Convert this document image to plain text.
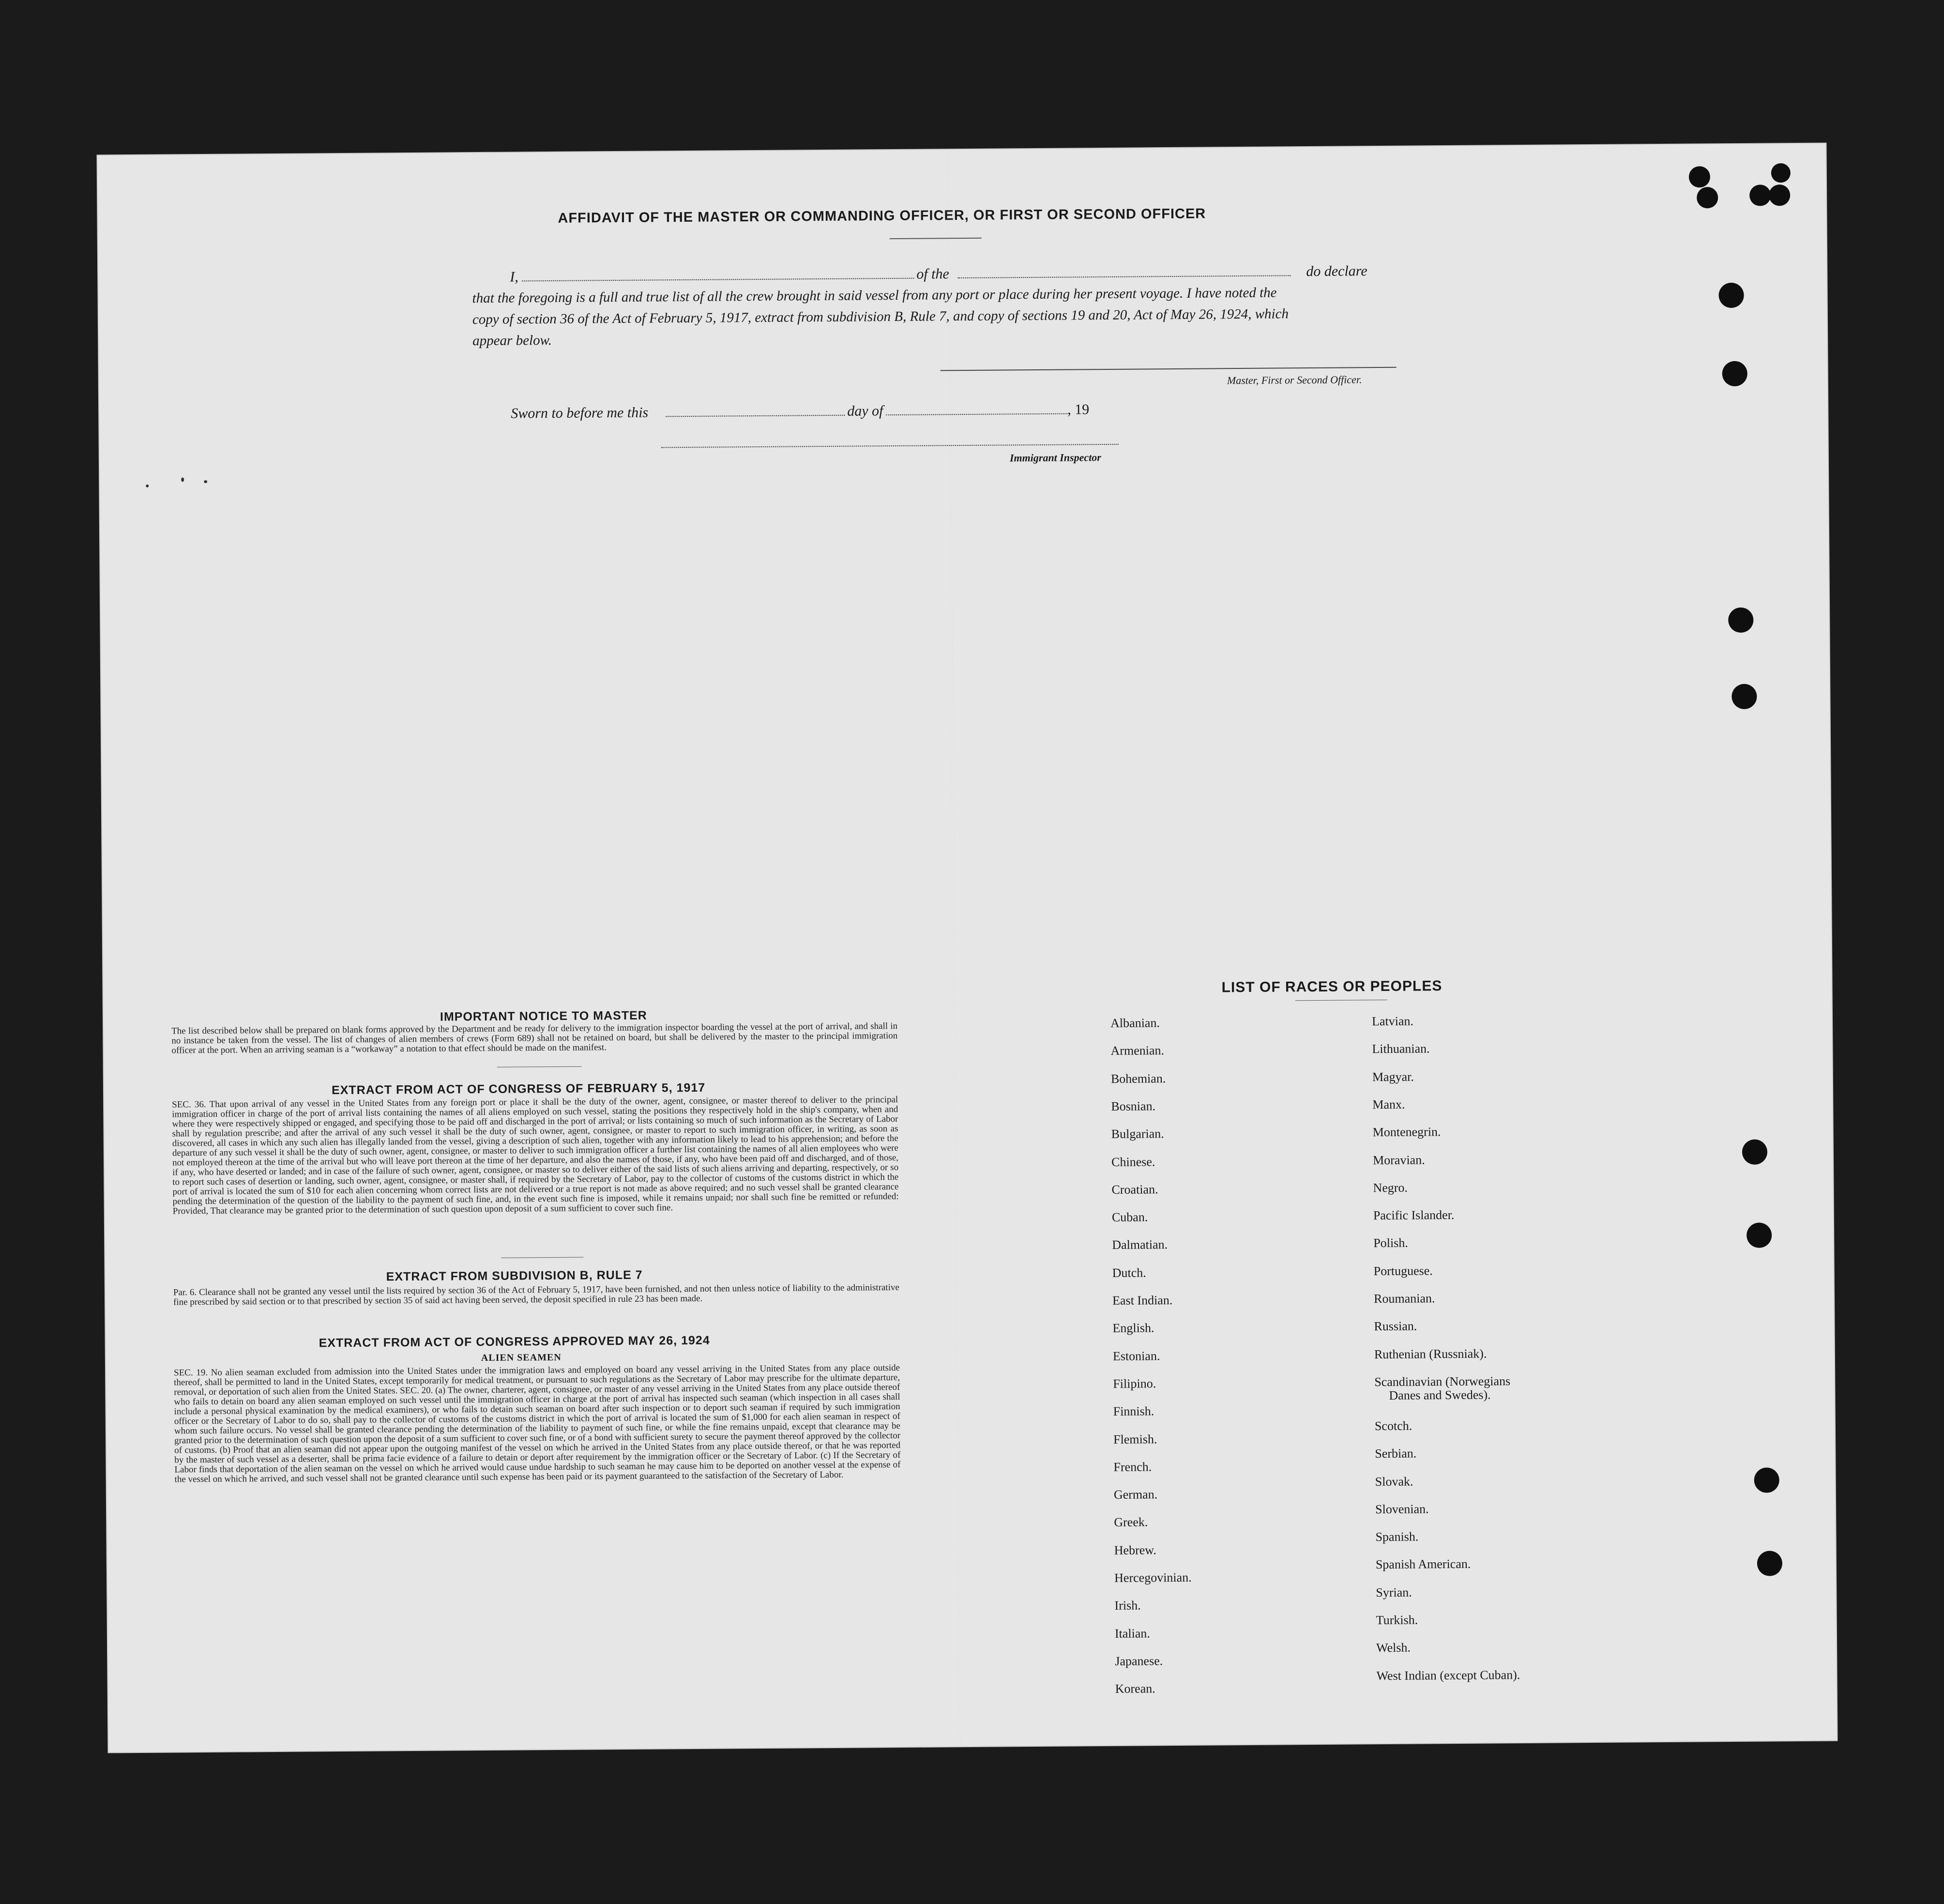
AFFIDAVIT OF THE MASTER OR COMMANDING OFFICER, OR FIRST OR SECOND OFFICER
I,	of the	do declare
that the foregoing is a full and true list of all the crew brought in said vessel from any port or place during her present voyage. I have noted the
copy of section 36 of the Act of February 5, 1917, extract from subdivision B, Rule 7, and copy of sections 19 and 20, Act of May 26, 1924, which
appear below.
Master, First or Second Officer.
Sworn to before me this	day of	, 19
Immigrant Inspector
IMPORTANT NOTICE TO MASTER
The list described below shall be prepared on blank forms approved by the Department and be ready for delivery to the immigration inspector boarding the vessel at the port of arrival, and shall in no instance be taken from the vessel. The list of changes of alien members of crews (Form 689) shall not be retained on board, but shall be delivered by the master to the principal immigration officer at the port. When an arriving seaman is a “workaway” a notation to that effect should be made on the manifest.
EXTRACT FROM ACT OF CONGRESS OF FEBRUARY 5, 1917
SEC. 36. That upon arrival of any vessel in the United States from any foreign port or place it shall be the duty of the owner, agent, consignee, or master thereof to deliver to the principal immigration officer in charge of the port of arrival lists containing the names of all aliens employed on such vessel, stating the positions they respectively hold in the ship's company, when and where they were respectively shipped or engaged, and specifying those to be paid off and discharged in the port of arrival; or lists containing so much of such information as the Secretary of Labor shall by regulation prescribe; and after the arrival of any such vessel it shall be the duty of such owner, agent, consignee, or master to report to such immigration officer, in writing, as soon as discovered, all cases in which any such alien has illegally landed from the vessel, giving a description of such alien, together with any information likely to lead to his apprehension; and before the departure of any such vessel it shall be the duty of such owner, agent, consignee, or master to deliver to such immigration officer a further list containing the names of all alien employees who were not employed thereon at the time of the arrival but who will leave port thereon at the time of her departure, and also the names of those, if any, who have been paid off and discharged, and of those, if any, who have deserted or landed; and in case of the failure of such owner, agent, consignee, or master so to deliver either of the said lists of such aliens arriving and departing, respectively, or so to report such cases of desertion or landing, such owner, agent, consignee, or master shall, if required by the Secretary of Labor, pay to the collector of customs of the customs district in which the port of arrival is located the sum of $10 for each alien concerning whom correct lists are not delivered or a true report is not made as above required; and no such vessel shall be granted clearance pending the determination of the question of the liability to the payment of such fine, and, in the event such fine is imposed, while it remains unpaid; nor shall such fine be remitted or refunded: Provided, That clearance may be granted prior to the determination of such question upon deposit of a sum sufficient to cover such fine.
EXTRACT FROM SUBDIVISION B, RULE 7
Par. 6. Clearance shall not be granted any vessel until the lists required by section 36 of the Act of February 5, 1917, have been furnished, and not then unless notice of liability to the administrative fine prescribed by said section or to that prescribed by section 35 of said act having been served, the deposit specified in rule 23 has been made.
EXTRACT FROM ACT OF CONGRESS APPROVED MAY 26, 1924
ALIEN SEAMEN
SEC. 19. No alien seaman excluded from admission into the United States under the immigration laws and employed on board any vessel arriving in the United States from any place outside thereof, shall be permitted to land in the United States, except temporarily for medical treatment, or pursuant to such regulations as the Secretary of Labor may prescribe for the ultimate departure, removal, or deportation of such alien from the United States. SEC. 20. (a) The owner, charterer, agent, consignee, or master of any vessel arriving in the United States from any place outside thereof who fails to detain on board any alien seaman employed on such vessel until the immigration officer in charge at the port of arrival has inspected such seaman (which inspection in all cases shall include a personal physical examination by the medical examiners), or who fails to detain such seaman on board after such inspection or to deport such seaman if required by such immigration officer or the Secretary of Labor to do so, shall pay to the collector of customs of the customs district in which the port of arrival is located the sum of $1,000 for each alien seaman in respect of whom such failure occurs. No vessel shall be granted clearance pending the determination of the liability to payment of such fine, or while the fine remains unpaid, except that clearance may be granted prior to the determination of such question upon the deposit of a sum sufficient to cover such fine, or of a bond with sufficient surety to secure the payment thereof approved by the collector of customs. (b) Proof that an alien seaman did not appear upon the outgoing manifest of the vessel on which he arrived in the United States from any place outside thereof, or that he was reported by the master of such vessel as a deserter, shall be prima facie evidence of a failure to detain or deport after requirement by the immigration officer or the Secretary of Labor. (c) If the Secretary of Labor finds that deportation of the alien seaman on the vessel on which he arrived would cause undue hardship to such seaman he may cause him to be deported on another vessel at the expense of the vessel on which he arrived, and such vessel shall not be granted clearance until such expense has been paid or its payment guaranteed to the satisfaction of the Secretary of Labor.
LIST OF RACES OR PEOPLES
Albanian.
Armenian.
Bohemian.
Bosnian.
Bulgarian.
Chinese.
Croatian.
Cuban.
Dalmatian.
Dutch.
East Indian.
English.
Estonian.
Filipino.
Finnish.
Flemish.
French.
German.
Greek.
Hebrew.
Hercegovinian.
Irish.
Italian.
Japanese.
Korean.
Latvian.
Lithuanian.
Magyar.
Manx.
Montenegrin.
Moravian.
Negro.
Pacific Islander.
Polish.
Portuguese.
Roumanian.
Russian.
Ruthenian (Russniak).
Scandinavian (Norwegians
Danes and Swedes).
Scotch.
Serbian.
Slovak.
Slovenian.
Spanish.
Spanish American.
Syrian.
Turkish.
Welsh.
West Indian (except Cuban).
